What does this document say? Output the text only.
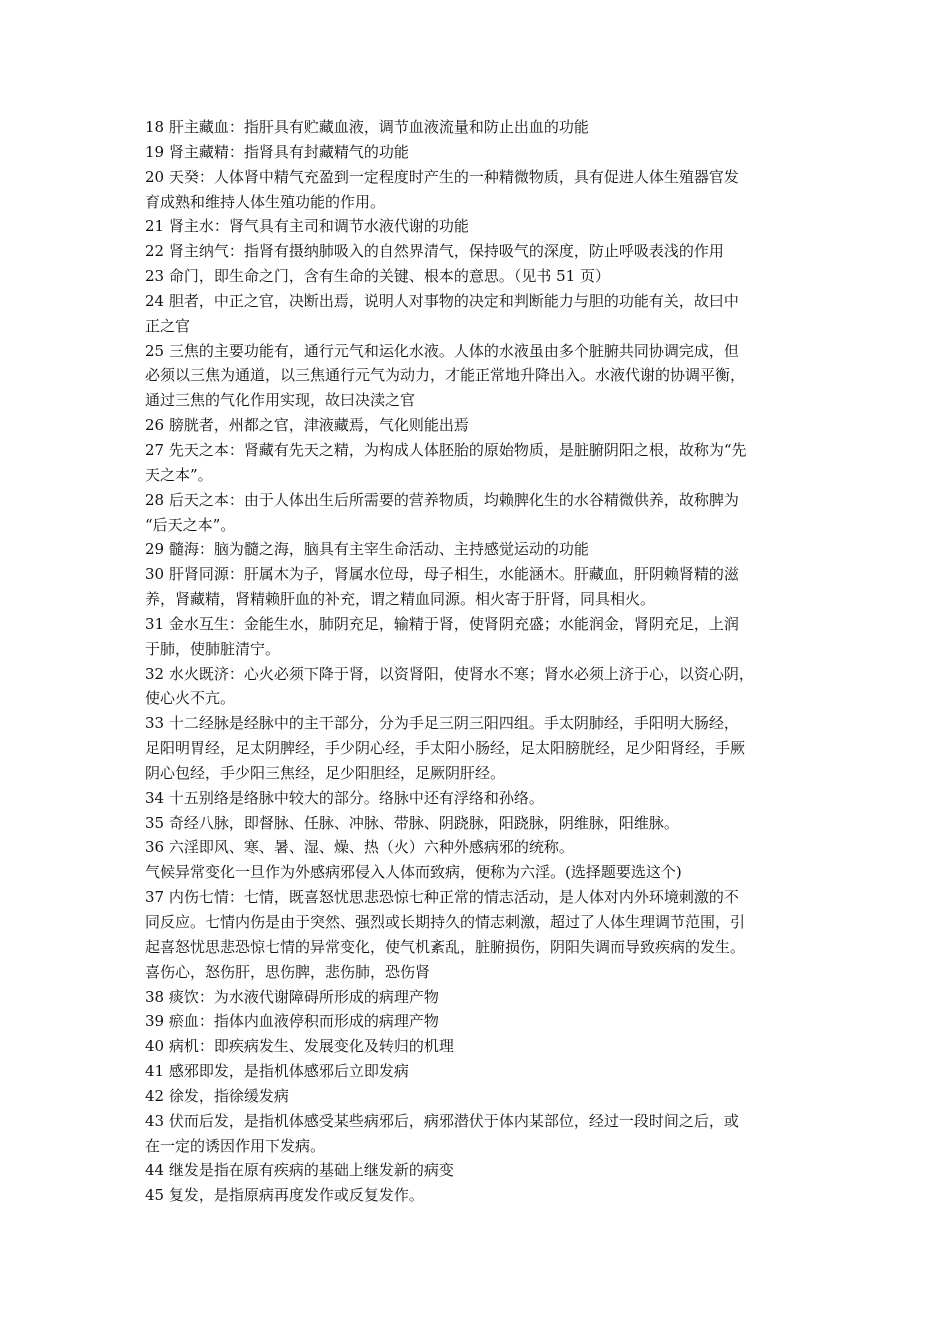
18 肝主藏血：指肝具有贮藏血液，调节血液流量和防止出血的功能
19 肾主藏精：指肾具有封藏精气的功能
20 天癸：人体肾中精气充盈到一定程度时产生的一种精微物质，具有促进人体生殖器官发
育成熟和维持人体生殖功能的作用。
21 肾主水：肾气具有主司和调节水液代谢的功能
22 肾主纳气：指肾有摄纳肺吸入的自然界清气，保持吸气的深度，防止呼吸表浅的作用
23 命门，即生命之门，含有生命的关键、根本的意思。（见书 51 页）
24 胆者，中正之官，决断出焉，说明人对事物的决定和判断能力与胆的功能有关，故曰中
正之官
25 三焦的主要功能有，通行元气和运化水液。人体的水液虽由多个脏腑共同协调完成，但
必须以三焦为通道，以三焦通行元气为动力，才能正常地升降出入。水液代谢的协调平衡，
通过三焦的气化作用实现，故曰决渎之官
26 膀胱者，州都之官，津液藏焉，气化则能出焉
27 先天之本：肾藏有先天之精，为构成人体胚胎的原始物质，是脏腑阴阳之根，故称为“先
天之本”。
28 后天之本：由于人体出生后所需要的营养物质，均赖脾化生的水谷精微供养，故称脾为
“后天之本”。
29 髓海：脑为髓之海，脑具有主宰生命活动、主持感觉运动的功能
30 肝肾同源：肝属木为子，肾属水位母，母子相生，水能涵木。肝藏血，肝阴赖肾精的滋
养，肾藏精，肾精赖肝血的补充，谓之精血同源。相火寄于肝肾，同具相火。
31 金水互生：金能生水，肺阴充足，输精于肾，使肾阴充盛；水能润金，肾阴充足，上润
于肺，使肺脏清宁。
32 水火既济：心火必须下降于肾，以资肾阳，使肾水不寒；肾水必须上济于心，以资心阴，
使心火不亢。
33 十二经脉是经脉中的主干部分，分为手足三阴三阳四组。手太阴肺经，手阳明大肠经，
足阳明胃经，足太阴脾经，手少阴心经，手太阳小肠经，足太阳膀胱经，足少阳肾经，手厥
阴心包经，手少阳三焦经，足少阳胆经，足厥阴肝经。
34 十五别络是络脉中较大的部分。络脉中还有浮络和孙络。
35 奇经八脉，即督脉、任脉、冲脉、带脉、阴跷脉，阳跷脉，阴维脉，阳维脉。
36 六淫即风、寒、暑、湿、燥、热（火）六种外感病邪的统称。
气候异常变化一旦作为外感病邪侵入人体而致病，便称为六淫。(选择题要选这个)
37 内伤七情：七情，既喜怒忧思悲恐惊七种正常的情志活动，是人体对内外环境刺激的不
同反应。七情内伤是由于突然、强烈或长期持久的情志刺激，超过了人体生理调节范围，引
起喜怒忧思悲恐惊七情的异常变化，使气机紊乱，脏腑损伤，阴阳失调而导致疾病的发生。
喜伤心，怒伤肝，思伤脾，悲伤肺，恐伤肾
38 痰饮：为水液代谢障碍所形成的病理产物
39 瘀血：指体内血液停积而形成的病理产物
40 病机：即疾病发生、发展变化及转归的机理
41 感邪即发，是指机体感邪后立即发病
42 徐发，指徐缓发病
43 伏而后发，是指机体感受某些病邪后，病邪潜伏于体内某部位，经过一段时间之后，或
在一定的诱因作用下发病。
44 继发是指在原有疾病的基础上继发新的病变
45 复发，是指原病再度发作或反复发作。
